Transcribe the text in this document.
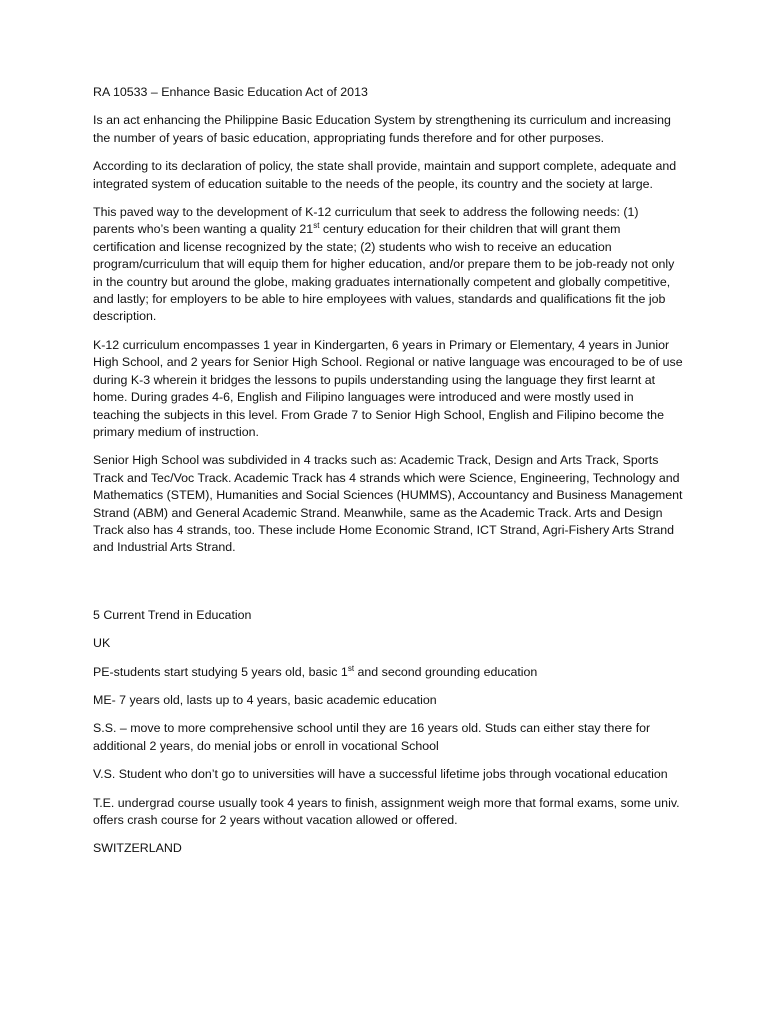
RA 10533 – Enhance Basic Education Act of 2013

Is an act enhancing the Philippine Basic Education System by strengthening its curriculum and increasing the number of years of basic education, appropriating funds therefore and for other purposes.

According to its declaration of policy, the state shall provide, maintain and support complete, adequate and integrated system of education suitable to the needs of the people, its country and the society at large.

This paved way to the development of K-12 curriculum that seek to address the following needs: (1) parents who’s been wanting a quality 21st century education for their children that will grant them certification and license recognized by the state; (2) students who wish to receive an education program/curriculum that will equip them for higher education, and/or prepare them to be job-ready not only in the country but around the globe, making graduates internationally competent and globally competitive, and lastly; for employers to be able to hire employees with values, standards and qualifications fit the job description.

K-12 curriculum encompasses 1 year in Kindergarten, 6 years in Primary or Elementary, 4 years in Junior High School, and 2 years for Senior High School. Regional or native language was encouraged to be of use during K-3 wherein it bridges the lessons to pupils understanding using the language they first learnt at home. During grades 4-6, English and Filipino languages were introduced and were mostly used in teaching the subjects in this level. From Grade 7 to Senior High School, English and Filipino become the primary medium of instruction.

Senior High School was subdivided in 4 tracks such as: Academic Track, Design and Arts Track, Sports Track and Tec/Voc Track. Academic Track has 4 strands which were Science, Engineering, Technology and Mathematics (STEM), Humanities and Social Sciences (HUMMS), Accountancy and Business Management Strand (ABM) and General Academic Strand. Meanwhile, same as the Academic Track. Arts and Design Track also has 4 strands, too. These include Home Economic Strand, ICT Strand, Agri-Fishery Arts Strand and Industrial Arts Strand.

5 Current Trend in Education

UK

PE-students start studying 5 years old, basic 1st and second grounding education

ME- 7 years old, lasts up to 4 years, basic academic education

S.S. – move to more comprehensive school until they are 16 years old. Studs can either stay there for additional 2 years, do menial jobs or enroll in vocational School

V.S. Student who don’t go to universities will have a successful lifetime jobs through vocational education

T.E. undergrad course usually took 4 years to finish, assignment weigh more that formal exams, some univ. offers crash course for 2 years without vacation allowed or offered.

SWITZERLAND
